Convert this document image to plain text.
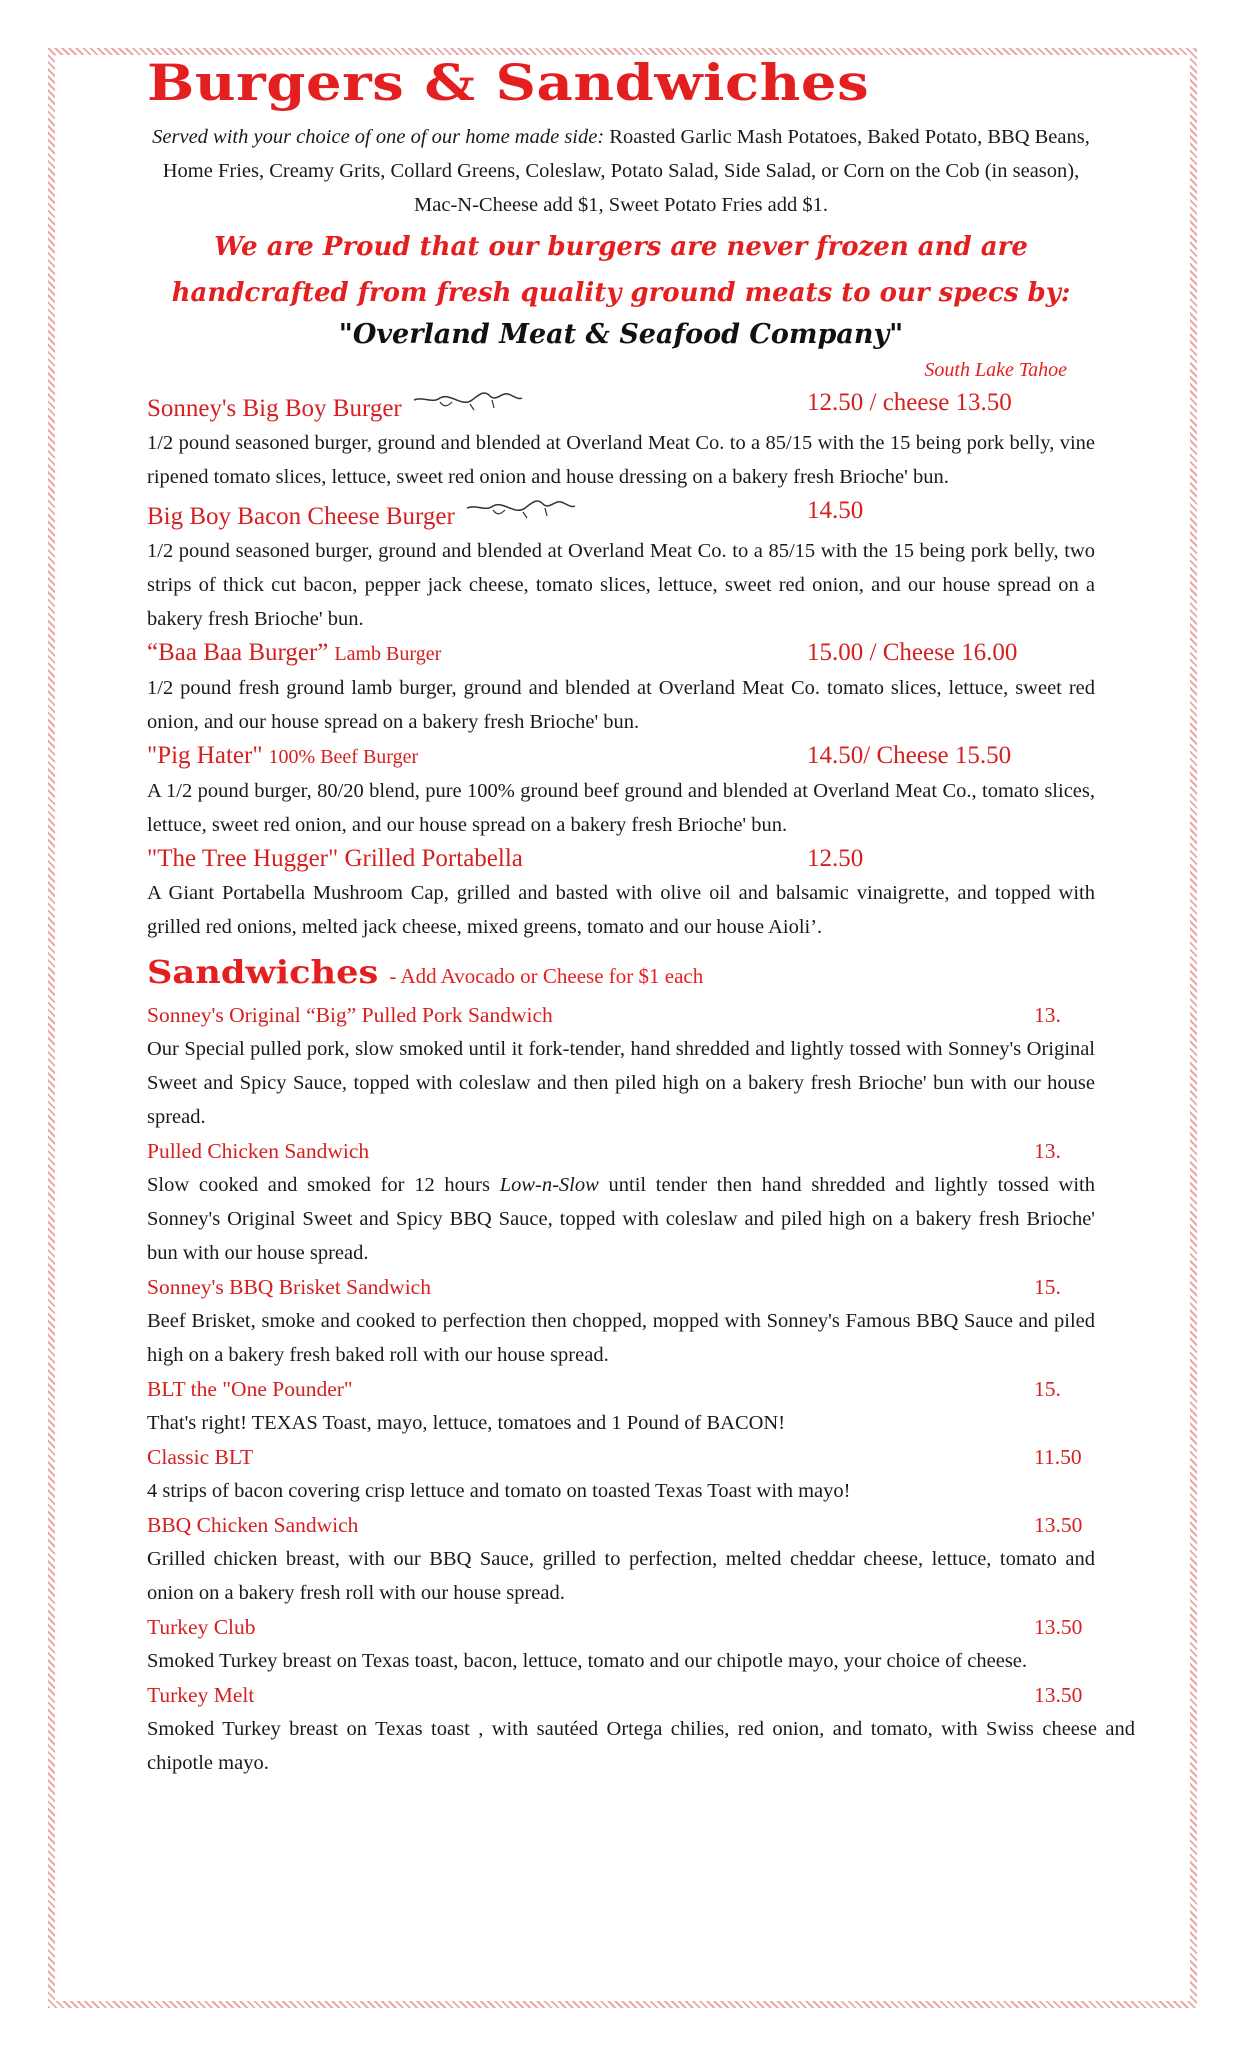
Burgers & Sandwiches
Served with your choice of one of our home made side: Roasted Garlic Mash Potatoes, Baked Potato, BBQ Beans, Home Fries, Creamy Grits, Collard Greens, Coleslaw, Potato Salad, Side Salad, or Corn on the Cob (in season), Mac-N-Cheese add $1, Sweet Potato Fries add $1.
We are Proud that our burgers are never frozen and are
handcrafted from fresh quality ground meats to our specs by:
"Overland Meat & Seafood Company"
South Lake Tahoe
Sonney's Big Boy Burger	12.50 / cheese 13.50
1/2 pound seasoned burger, ground and blended at Overland Meat Co. to a 85/15 with the 15 being pork belly, vine ripened tomato slices, lettuce, sweet red onion and house dressing on a bakery fresh Brioche' bun.
Big Boy Bacon Cheese Burger	14.50
1/2 pound seasoned burger, ground and blended at Overland Meat Co. to a 85/15 with the 15 being pork belly, two strips of thick cut bacon, pepper jack cheese, tomato slices, lettuce, sweet red onion, and our house spread on a bakery fresh Brioche' bun.
“Baa Baa Burger” Lamb Burger	15.00 / Cheese 16.00
1/2 pound fresh ground lamb burger, ground and blended at Overland Meat Co. tomato slices, lettuce, sweet red onion, and our house spread on a bakery fresh Brioche' bun.
"Pig Hater" 100% Beef Burger	14.50/ Cheese 15.50
A 1/2 pound burger, 80/20 blend, pure 100% ground beef ground and blended at Overland Meat Co., tomato slices, lettuce, sweet red onion, and our house spread on a bakery fresh Brioche' bun.
"The Tree Hugger" Grilled Portabella	12.50
A Giant Portabella Mushroom Cap, grilled and basted with olive oil and balsamic vinaigrette, and topped with grilled red onions, melted jack cheese, mixed greens, tomato and our house Aioli’.
Sandwiches - Add Avocado or Cheese for $1 each
Sonney's Original “Big” Pulled Pork Sandwich	13.
Our Special pulled pork, slow smoked until it fork-tender, hand shredded and lightly tossed with Sonney's Original Sweet and Spicy Sauce, topped with coleslaw and then piled high on a bakery fresh Brioche' bun with our house spread.
Pulled Chicken Sandwich	13.
Slow cooked and smoked for 12 hours Low-n-Slow until tender then hand shredded and lightly tossed with Sonney's Original Sweet and Spicy BBQ Sauce, topped with coleslaw and piled high on a bakery fresh Brioche' bun with our house spread.
Sonney's BBQ Brisket Sandwich	15.
Beef Brisket, smoke and cooked to perfection then chopped, mopped with Sonney's Famous BBQ Sauce and piled high on a bakery fresh baked roll with our house spread.
BLT the "One Pounder"	15.
That's right! TEXAS Toast, mayo, lettuce, tomatoes and 1 Pound of BACON!
Classic BLT	11.50
4 strips of bacon covering crisp lettuce and tomato on toasted Texas Toast with mayo!
BBQ Chicken Sandwich	13.50
Grilled chicken breast, with our BBQ Sauce, grilled to perfection, melted cheddar cheese, lettuce, tomato and onion on a bakery fresh roll with our house spread.
Turkey Club	13.50
Smoked Turkey breast on Texas toast, bacon, lettuce, tomato and our chipotle mayo, your choice of cheese.
Turkey Melt	13.50
Smoked Turkey breast on Texas toast , with sautéed Ortega chilies, red onion, and tomato, with Swiss cheese and chipotle mayo.
